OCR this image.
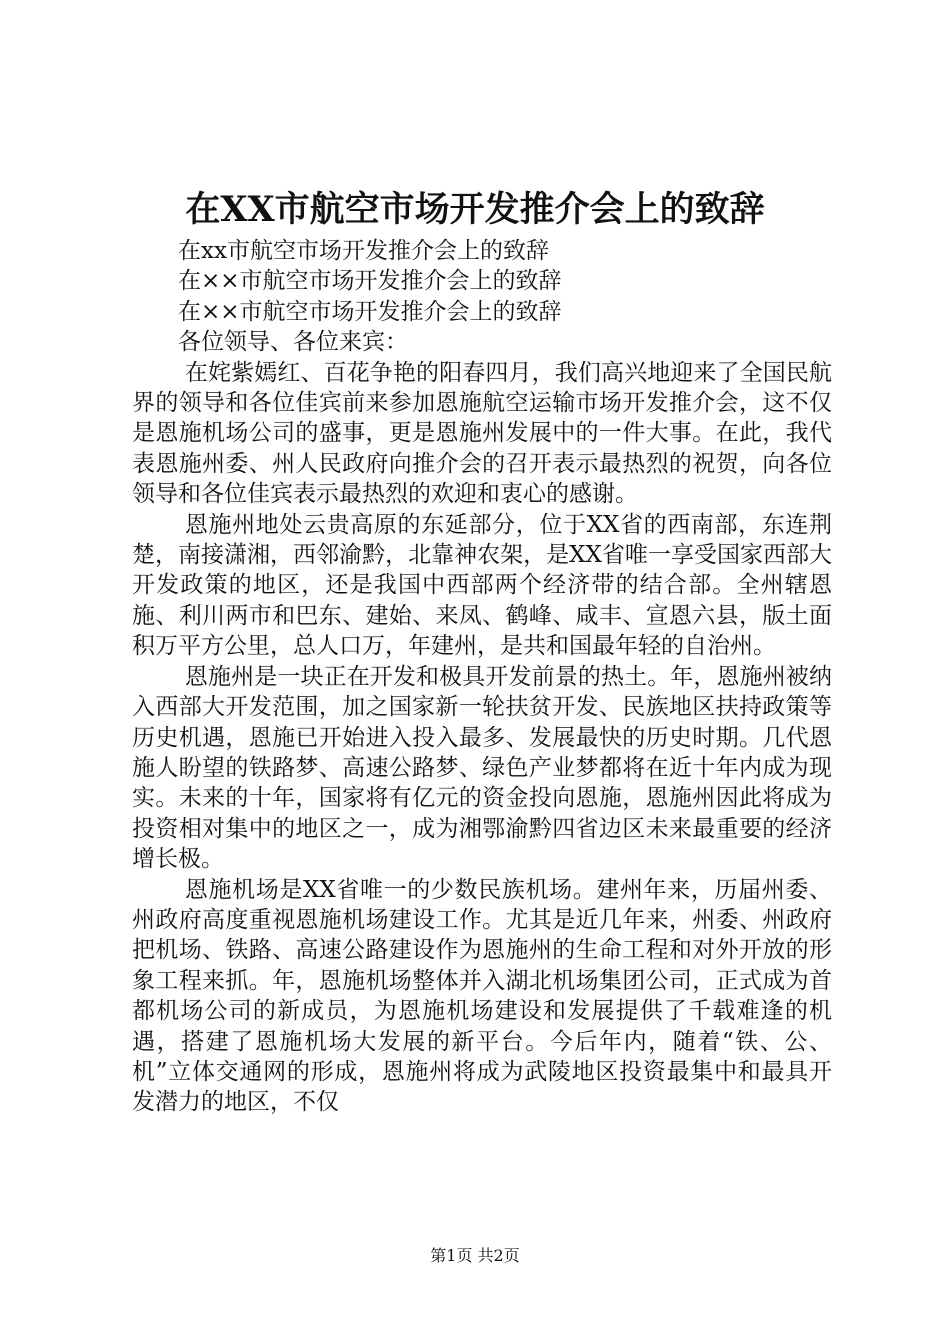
在XX市航空市场开发推介会上的致辞
在xx市航空市场开发推介会上的致辞
在××市航空市场开发推介会上的致辞
在××市航空市场开发推介会上的致辞
各位领导、各位来宾：

在姹紫嫣红、百花争艳的阳春四月，我们高兴地迎来了全国民航界的领导和各位佳宾前来参加恩施航空运输市场开发推介会，这不仅是恩施机场公司的盛事，更是恩施州发展中的一件大事。在此，我代表恩施州委、州人民政府向推介会的召开表示最热烈的祝贺，向各位领导和各位佳宾表示最热烈的欢迎和衷心的感谢。

恩施州地处云贵高原的东延部分，位于XX省的西南部，东连荆楚，南接潇湘，西邻渝黔，北靠神农架，是XX省唯一享受国家西部大开发政策的地区，还是我国中西部两个经济带的结合部。全州辖恩施、利川两市和巴东、建始、来凤、鹤峰、咸丰、宣恩六县，版土面积万平方公里，总人口万，年建州，是共和国最年轻的自治州。

恩施州是一块正在开发和极具开发前景的热土。年，恩施州被纳入西部大开发范围，加之国家新一轮扶贫开发、民族地区扶持政策等历史机遇，恩施已开始进入投入最多、发展最快的历史时期。几代恩施人盼望的铁路梦、高速公路梦、绿色产业梦都将在近十年内成为现实。未来的十年，国家将有亿元的资金投向恩施，恩施州因此将成为投资相对集中的地区之一，成为湘鄂渝黔四省边区未来最重要的经济增长极。

恩施机场是XX省唯一的少数民族机场。建州年来，历届州委、州政府高度重视恩施机场建设工作。尤其是近几年来，州委、州政府把机场、铁路、高速公路建设作为恩施州的生命工程和对外开放的形象工程来抓。年，恩施机场整体并入湖北机场集团公司，正式成为首都机场公司的新成员，为恩施机场建设和发展提供了千载难逢的机遇，搭建了恩施机场大发展的新平台。今后年内，随着“铁、公、机”立体交通网的形成，恩施州将成为武陵地区投资最集中和最具开发潜力的地区，不仅

第1页 共2页
